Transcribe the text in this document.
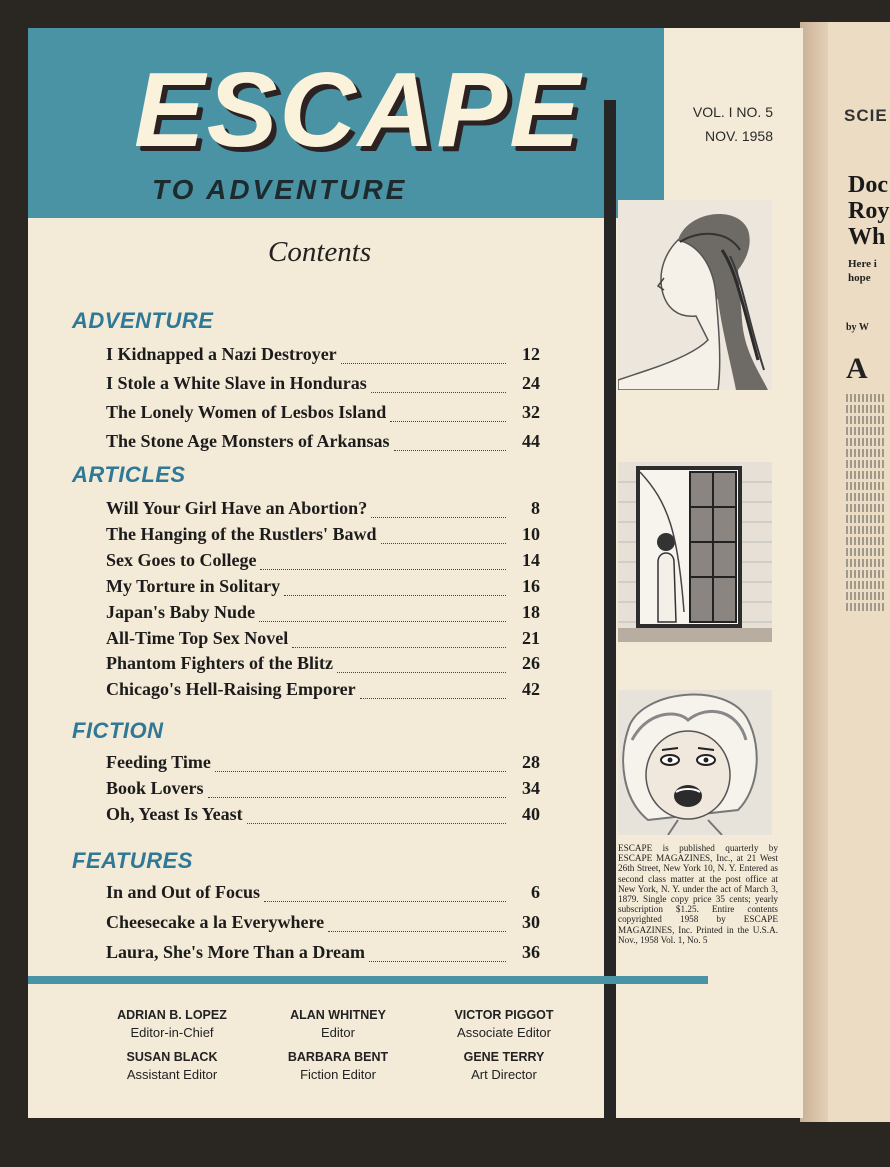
SCIE
Doc
Roy
Wh
Here i
hope
by W
A
ESCAPE
TO ADVENTURE
VOL. I NO. 5
NOV. 1958
Contents
ADVENTURE
I Kidnapped a Nazi Destroyer	12
I Stole a White Slave in Honduras	24
The Lonely Women of Lesbos Island	32
The Stone Age Monsters of Arkansas	44
ARTICLES
Will Your Girl Have an Abortion?	8
The Hanging of the Rustlers' Bawd	10
Sex Goes to College	14
My Torture in Solitary	16
Japan's Baby Nude	18
All-Time Top Sex Novel	21
Phantom Fighters of the Blitz	26
Chicago's Hell-Raising Emporer	42
FICTION
Feeding Time	28
Book Lovers	34
Oh, Yeast Is Yeast	40
FEATURES
In and Out of Focus	6
Cheesecake a la Everywhere	30
Laura, She's More Than a Dream	36
ESCAPE is published quarterly by ESCAPE MAGAZINES, Inc., at 21 West 26th Street, New York 10, N. Y. Entered as second class matter at the post office at New York, N. Y. under the act of March 3, 1879. Single copy price 35 cents; yearly subscription $1.25. Entire contents copyrighted 1958 by ESCAPE MAGAZINES, Inc. Printed in the U.S.A. Nov., 1958 Vol. 1, No. 5
ADRIAN B. LOPEZ
Editor-in-Chief
ALAN WHITNEY
Editor
VICTOR PIGGOT
Associate Editor
SUSAN BLACK
Assistant Editor
BARBARA BENT
Fiction Editor
GENE TERRY
Art Director
